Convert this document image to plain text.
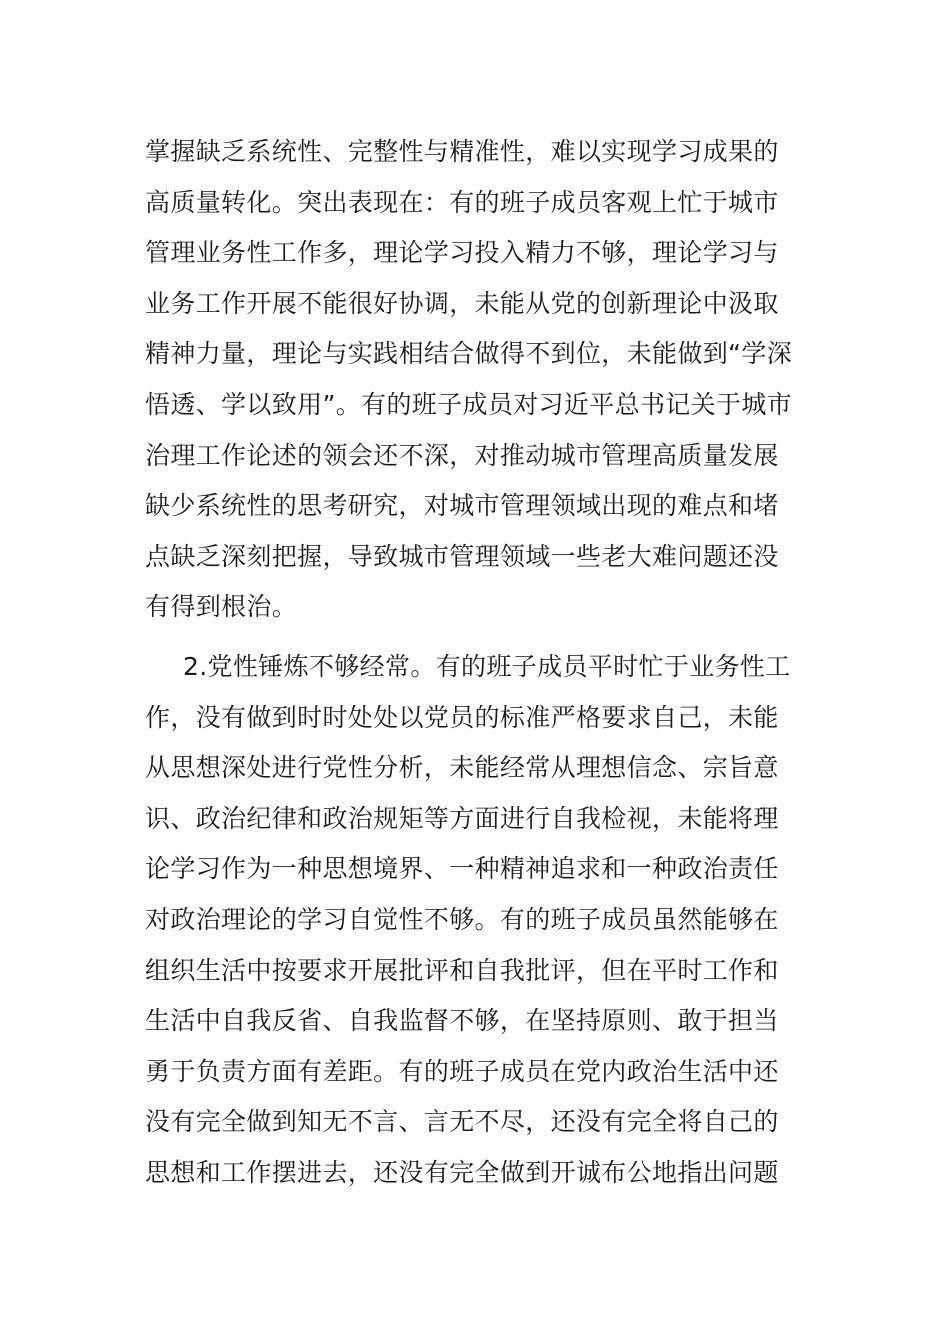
掌握缺乏系统性、完整性与精准性，难以实现学习成果的
高质量转化。突出表现在：有的班子成员客观上忙于城市
管理业务性工作多，理论学习投入精力不够，理论学习与
业务工作开展不能很好协调，未能从党的创新理论中汲取
精神力量，理论与实践相结合做得不到位，未能做到“学深
悟透、学以致用”。有的班子成员对习近平总书记关于城市
治理工作论述的领会还不深，对推动城市管理高质量发展
缺少系统性的思考研究，对城市管理领域出现的难点和堵
点缺乏深刻把握，导致城市管理领域一些老大难问题还没
有得到根治。
2.党性锤炼不够经常。有的班子成员平时忙于业务性工
作，没有做到时时处处以党员的标准严格要求自己，未能
从思想深处进行党性分析，未能经常从理想信念、宗旨意
识、政治纪律和政治规矩等方面进行自我检视，未能将理
论学习作为一种思想境界、一种精神追求和一种政治责任
对政治理论的学习自觉性不够。有的班子成员虽然能够在
组织生活中按要求开展批评和自我批评，但在平时工作和
生活中自我反省、自我监督不够，在坚持原则、敢于担当
勇于负责方面有差距。有的班子成员在党内政治生活中还
没有完全做到知无不言、言无不尽，还没有完全将自己的
思想和工作摆进去，还没有完全做到开诚布公地指出问题
